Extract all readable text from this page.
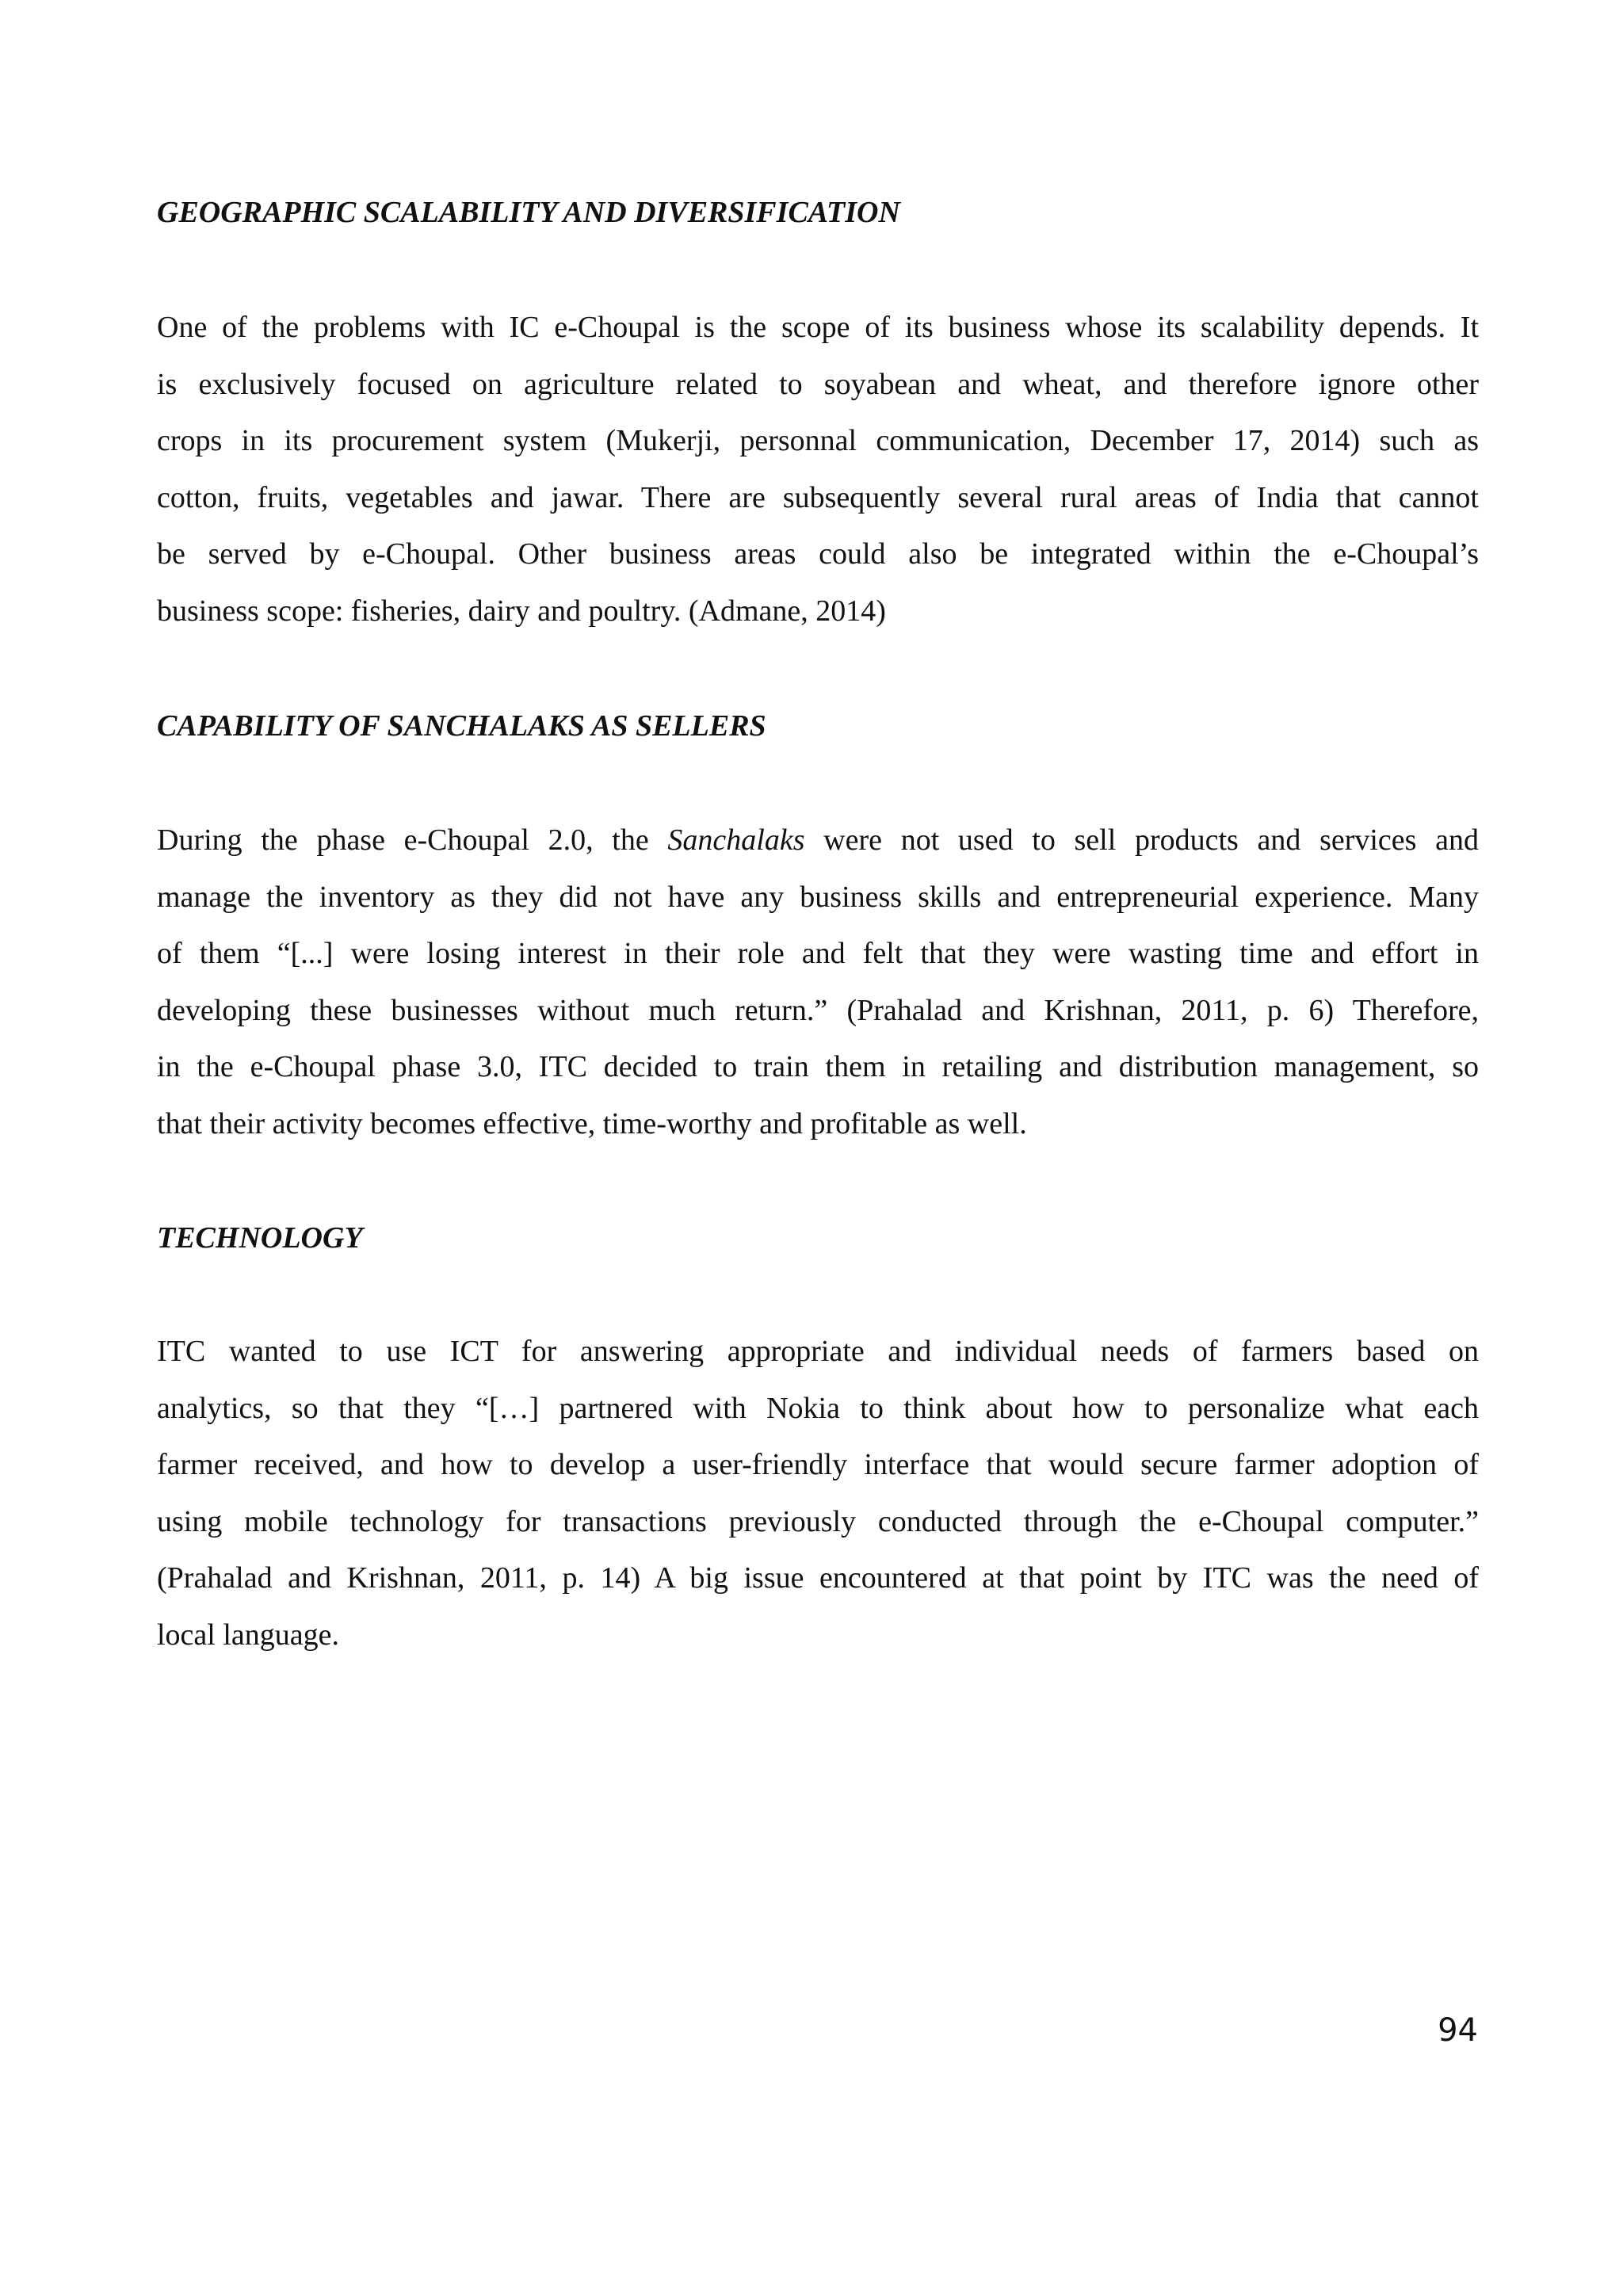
GEOGRAPHIC SCALABILITY AND DIVERSIFICATION
One of the problems with IC e-Choupal is the scope of its business whose its scalability depends. It
is exclusively focused on agriculture related to soyabean and wheat, and therefore ignore other
crops in its procurement system (Mukerji, personnal communication, December 17, 2014) such as
cotton, fruits, vegetables and jawar. There are subsequently several rural areas of India that cannot
be served by e-Choupal. Other business areas could also be integrated within the e-Choupal’s
business scope: fisheries, dairy and poultry. (Admane, 2014)
CAPABILITY OF SANCHALAKS AS SELLERS
During the phase e-Choupal 2.0, the Sanchalaks were not used to sell products and services and
manage the inventory as they did not have any business skills and entrepreneurial experience. Many
of them “[...] were losing interest in their role and felt that they were wasting time and effort in
developing these businesses without much return.” (Prahalad and Krishnan, 2011, p. 6) Therefore,
in the e-Choupal phase 3.0, ITC decided to train them in retailing and distribution management, so
that their activity becomes effective, time-worthy and profitable as well.
TECHNOLOGY
ITC wanted to use ICT for answering appropriate and individual needs of farmers based on
analytics, so that they “[…] partnered with Nokia to think about how to personalize what each
farmer received, and how to develop a user-friendly interface that would secure farmer adoption of
using mobile technology for transactions previously conducted through the e-Choupal computer.”
(Prahalad and Krishnan, 2011, p. 14) A big issue encountered at that point by ITC was the need of
local language.

94
